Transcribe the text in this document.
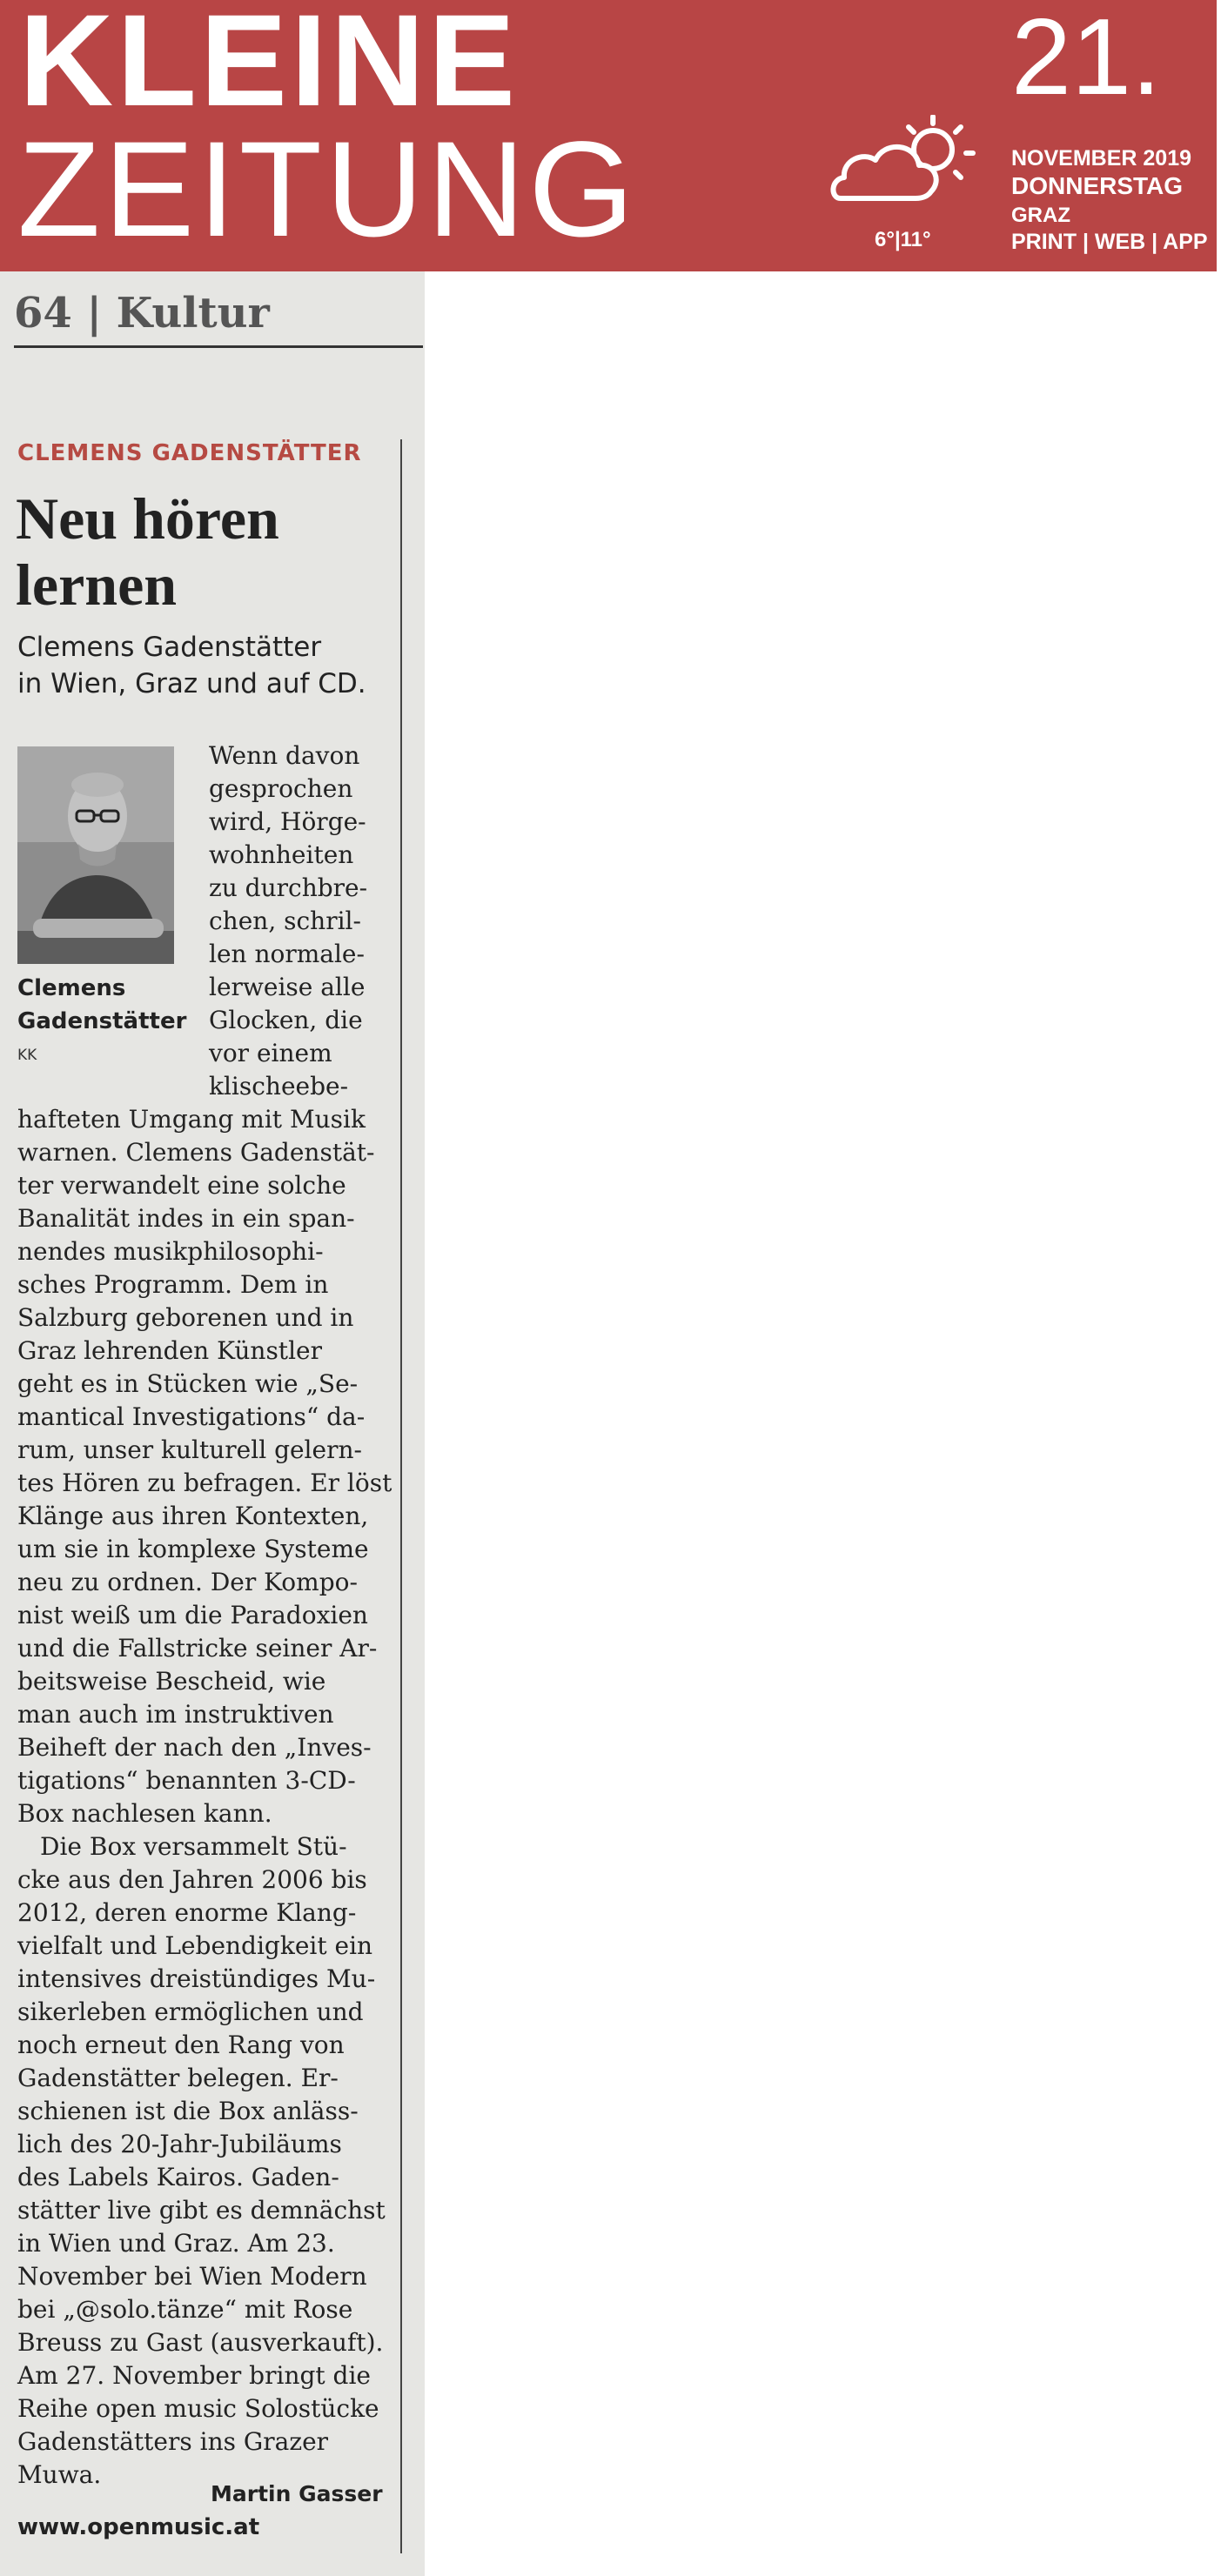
KLEINE
ZEITUNG
21.
6°|11°
NOVEMBER 2019
DONNERSTAG
GRAZ
PRINT | WEB | APP
64 | Kultur
CLEMENS GADENSTÄTTER
Neu hören
lernen
Clemens Gadenstätter
in Wien, Graz und auf CD.
Clemens
Gadenstätter
KK
Wenn davon
gesprochen
wird, Hörge-
wohnheiten
zu durchbre-
chen, schril-
len normale-
lerweise alle
Glocken, die
vor einem
klischeebe-
hafteten Umgang mit Musik
warnen. Clemens Gadenstät-
ter verwandelt eine solche
Banalität indes in ein span-
nendes musikphilosophi-
sches Programm. Dem in
Salzburg geborenen und in
Graz lehrenden Künstler
geht es in Stücken wie „Se-
mantical Investigations“ da-
rum, unser kulturell gelern-
tes Hören zu befragen. Er löst
Klänge aus ihren Kontexten,
um sie in komplexe Systeme
neu zu ordnen. Der Kompo-
nist weiß um die Paradoxien
und die Fallstricke seiner Ar-
beitsweise Bescheid, wie
man auch im instruktiven
Beiheft der nach den „Inves-
tigations“ benannten 3-CD-
Box nachlesen kann.
Die Box versammelt Stü-
cke aus den Jahren 2006 bis
2012, deren enorme Klang-
vielfalt und Lebendigkeit ein
intensives dreistündiges Mu-
sikerleben ermöglichen und
noch erneut den Rang von
Gadenstätter belegen. Er-
schienen ist die Box anläss-
lich des 20-Jahr-Jubiläums
des Labels Kairos. Gaden-
stätter live gibt es demnächst
in Wien und Graz. Am 23.
November bei Wien Modern
bei „@solo.tänze“ mit Rose
Breuss zu Gast (ausverkauft).
Am 27. November bringt die
Reihe open music Solostücke
Gadenstätters ins Grazer
Muwa.
Martin Gasser
www.openmusic.at
